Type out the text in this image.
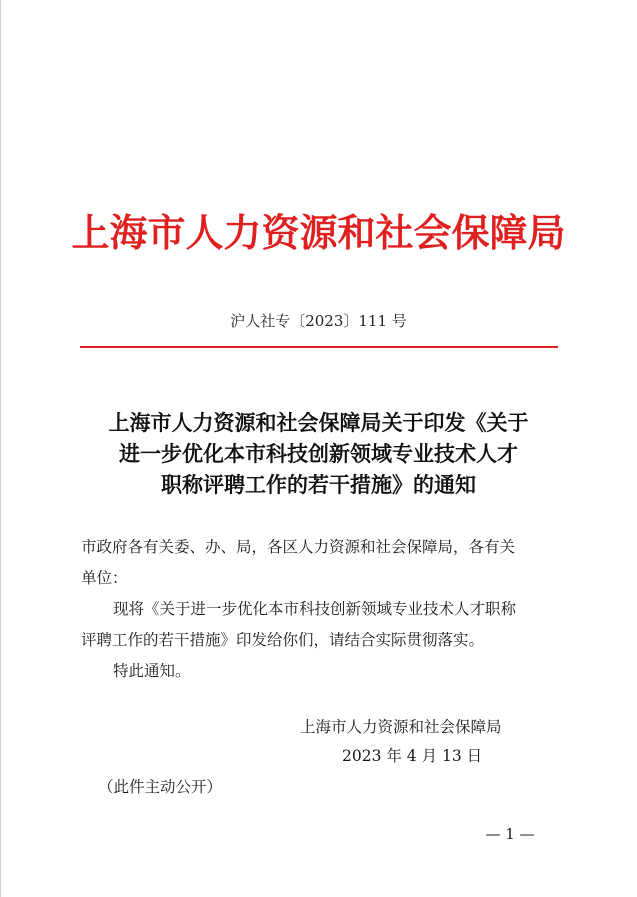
上海市人力资源和社会保障局
沪人社专〔2023〕111 号
上海市人力资源和社会保障局关于印发《关于
进一步优化本市科技创新领域专业技术人才
职称评聘工作的若干措施》的通知
市政府各有关委、办、局，各区人力资源和社会保障局，各有关
单位：
现将《关于进一步优化本市科技创新领域专业技术人才职称
评聘工作的若干措施》印发给你们，请结合实际贯彻落实。
特此通知。
上海市人力资源和社会保障局
2023 年 4 月 13 日
（此件主动公开）
— 1 —
